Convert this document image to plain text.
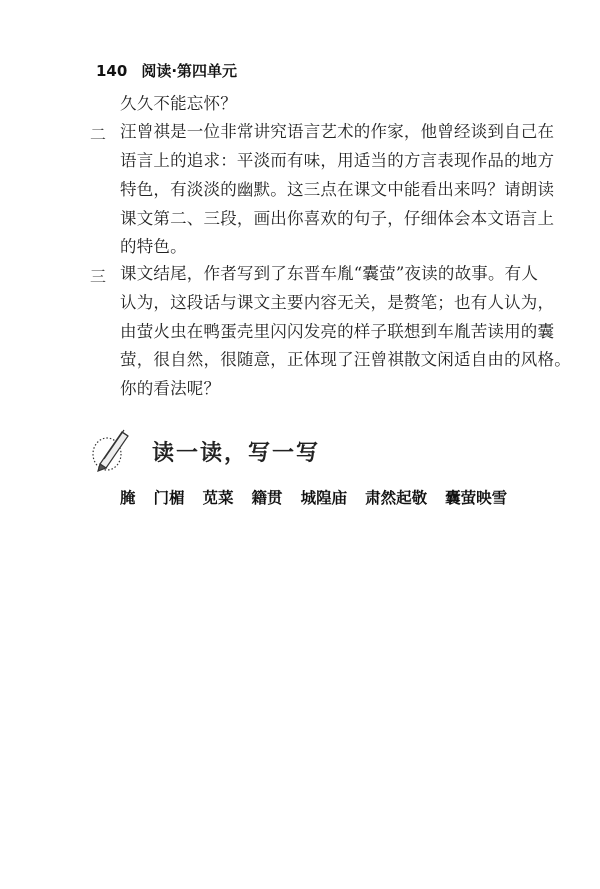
140 阅读·第四单元
久久不能忘怀？
二 汪曾祺是一位非常讲究语言艺术的作家，他曾经谈到自己在
语言上的追求：平淡而有味，用适当的方言表现作品的地方
特色，有淡淡的幽默。这三点在课文中能看出来吗？请朗读
课文第二、三段，画出你喜欢的句子，仔细体会本文语言上
的特色。
三 课文结尾，作者写到了东晋车胤“囊萤”夜读的故事。有人
认为，这段话与课文主要内容无关，是赘笔；也有人认为，
由萤火虫在鸭蛋壳里闪闪发亮的样子联想到车胤苦读用的囊
萤，很自然，很随意，正体现了汪曾祺散文闲适自由的风格。
你的看法呢？
读一读，写一写
腌 门楣 苋菜 籍贯 城隍庙 肃然起敬 囊萤映雪
